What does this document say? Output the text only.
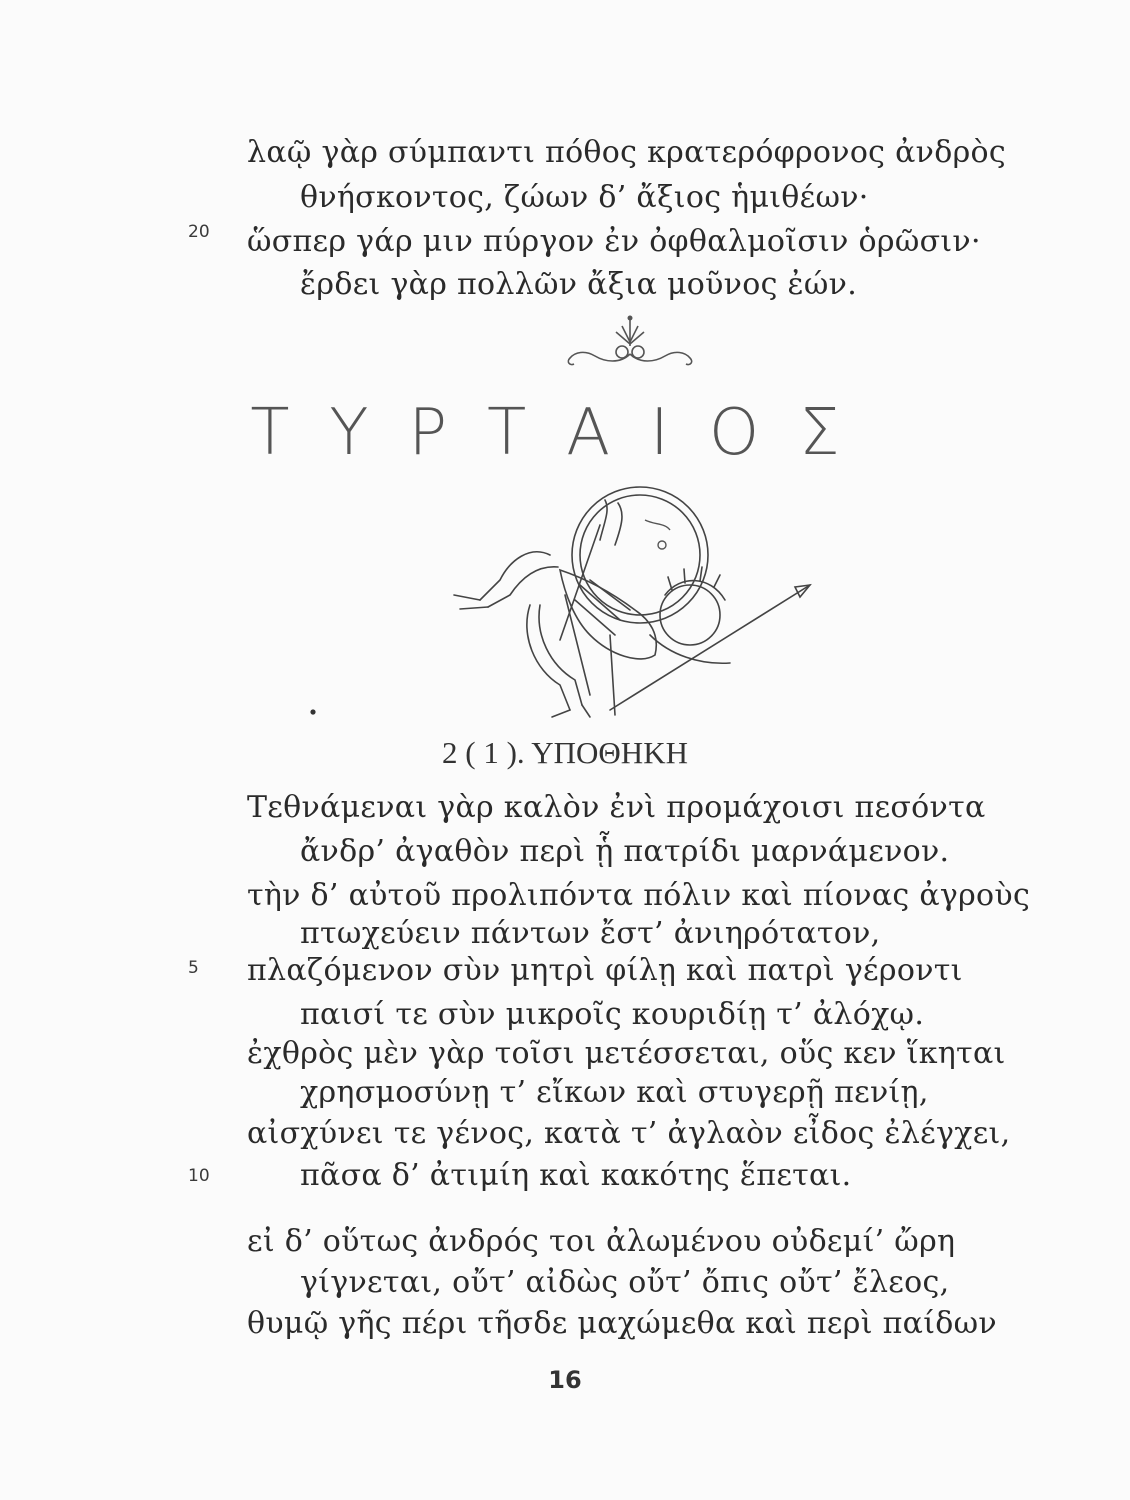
λαῷ γὰρ σύμπαντι πόθος κρατερόφρονος ἀνδρὸς
θνήσκοντος, ζώων δ’ ἄξιος ἡμιθέων·
20 ὥσπερ γάρ μιν πύργον ἐν ὀφθαλμοῖσιν ὁρῶσιν·
ἔρδει γὰρ πολλῶν ἄξια μοῦνος ἐών.
ΤΥΡΤΑΙΟΣ
2 ( 1 ). ΥΠΟΘΗΚΗ
Τεθνάμεναι γὰρ καλὸν ἐνὶ προμάχοισι πεσόντα
ἄνδρ’ ἀγαθὸν περὶ ᾗ πατρίδι μαρνάμενον.
τὴν δ’ αὐτοῦ προλιπόντα πόλιν καὶ πίονας ἀγροὺς
πτωχεύειν πάντων ἔστ’ ἀνιηρότατον,
5 πλαζόμενον σὺν μητρὶ φίλῃ καὶ πατρὶ γέροντι
παισί τε σὺν μικροῖς κουριδίῃ τ’ ἀλόχῳ.
ἐχθρὸς μὲν γὰρ τοῖσι μετέσσεται, οὕς κεν ἵκηται
χρησμοσύνῃ τ’ εἴκων καὶ στυγερῇ πενίῃ,
αἰσχύνει τε γένος, κατὰ τ’ ἀγλαὸν εἶδος ἐλέγχει,
10	πᾶσα δ’ ἀτιμίη καὶ κακότης ἕπεται.
εἰ δ’ οὕτως ἀνδρός τοι ἀλωμένου οὐδεμί’ ὤρη
γίγνεται, οὔτ’ αἰδὼς οὔτ’ ὄπις οὔτ’ ἔλεος,
θυμῷ γῆς πέρι τῆσδε μαχώμεθα καὶ περὶ παίδων
16
